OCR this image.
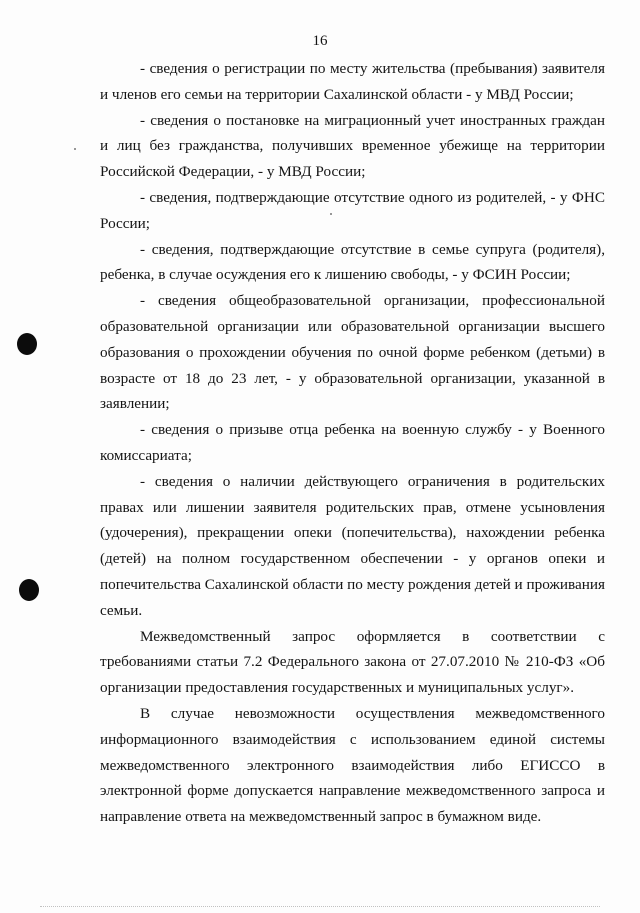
16

- сведения о регистрации по месту жительства (пребывания) заявителя и членов его семьи на территории Сахалинской области - у МВД России;

- сведения о постановке на миграционный учет иностранных граждан и лиц без гражданства, получивших временное убежище на территории Российской Федерации, - у МВД России;

- сведения, подтверждающие отсутствие одного из родителей, - у ФНС России;

- сведения, подтверждающие отсутствие в семье супруга (родителя), ребенка, в случае осуждения его к лишению свободы, - у ФСИН России;

- сведения общеобразовательной организации, профессиональной образовательной организации или образовательной организации высшего образования о прохождении обучения по очной форме ребенком (детьми) в возрасте от 18 до 23 лет, - у образовательной организации, указанной в заявлении;

- сведения о призыве отца ребенка на военную службу - у Военного комиссариата;

- сведения о наличии действующего ограничения в родительских правах или лишении заявителя родительских прав, отмене усыновления (удочерения), прекращении опеки (попечительства), нахождении ребенка (детей) на полном государственном обеспечении - у органов опеки и попечительства Сахалинской области по месту рождения детей и проживания семьи.

Межведомственный запрос оформляется в соответствии с требованиями статьи 7.2 Федерального закона от 27.07.2010 № 210-ФЗ «Об организации предоставления государственных и муниципальных услуг».

В случае невозможности осуществления межведомственного информационного взаимодействия с использованием единой системы межведомственного электронного взаимодействия либо ЕГИССО в электронной форме допускается направление межведомственного запроса и направление ответа на межведомственный запрос в бумажном виде.
